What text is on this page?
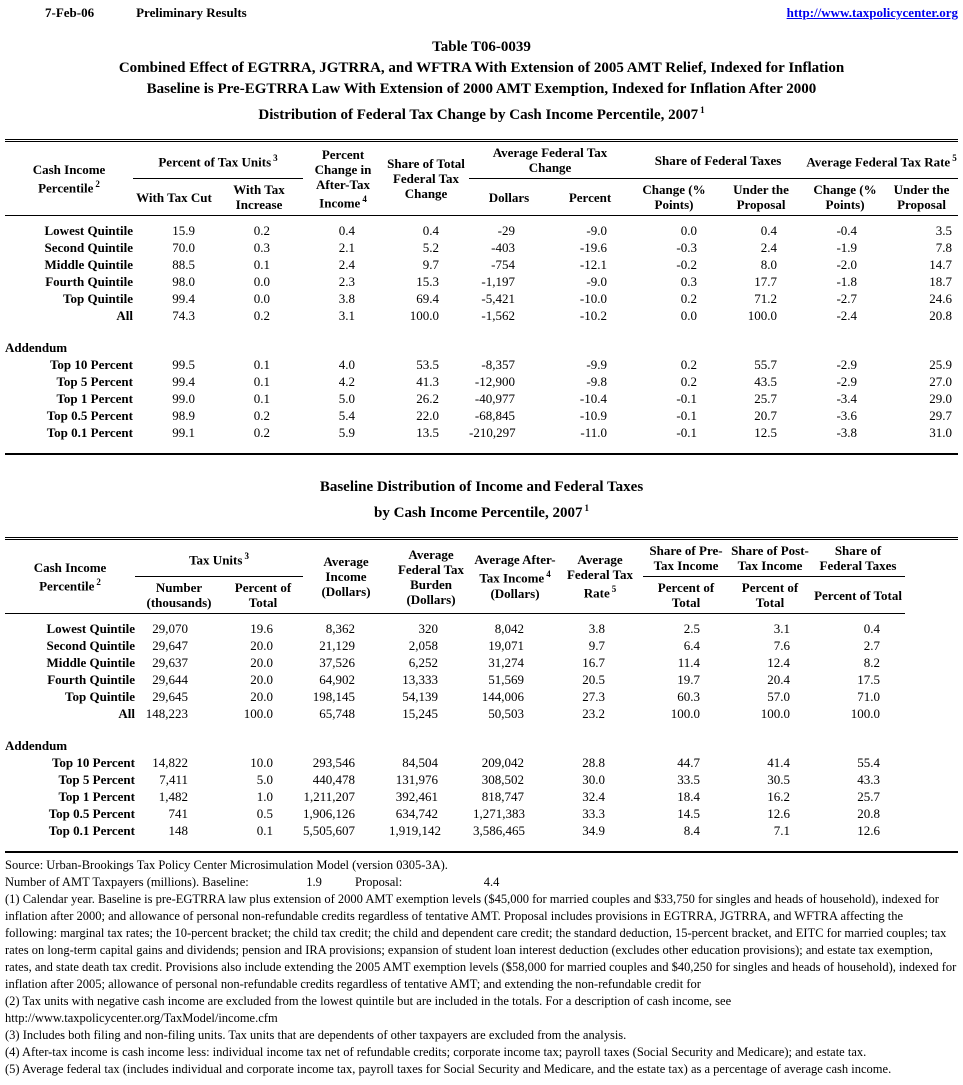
7-Feb-06	Preliminary Results	http://www.taxpolicycenter.org
Table T06-0039
Combined Effect of EGTRRA, JGTRRA, and WFTRA With Extension of 2005 AMT Relief, Indexed for Inflation
Baseline is Pre-EGTRRA Law With Extension of 2000 AMT Exemption, Indexed for Inflation After 2000
Distribution of Federal Tax Change by Cash Income Percentile, 2007 $^1$
Cash Income Percentile $^2$	Percent of Tax Units $^3$		Percent Change in After-Tax Income $^4$	Share of Total Federal Tax Change	Average Federal Tax Change		Share of Federal Taxes		Average Federal Tax Rate $^5$
	With Tax Cut	With Tax Increase			Dollars	Percent	Change (% Points)	Under the Proposal	Change (% Points)	Under the Proposal

Lowest Quintile	15.9	0.2	0.4	0.4	-29	-9.0	0.0	0.4	-0.4	3.5
Second Quintile	70.0	0.3	2.1	5.2	-403	-19.6	-0.3	2.4	-1.9	7.8
Middle Quintile	88.5	0.1	2.4	9.7	-754	-12.1	-0.2	8.0	-2.0	14.7
Fourth Quintile	98.0	0.0	2.3	15.3	-1,197	-9.0	0.3	17.7	-1.8	18.7
Top Quintile	99.4	0.0	3.8	69.4	-5,421	-10.0	0.2	71.2	-2.7	24.6
All	74.3	0.2	3.1	100.0	-1,562	-10.2	0.0	100.0	-2.4	20.8

Addendum										
Top 10 Percent	99.5	0.1	4.0	53.5	-8,357	-9.9	0.2	55.7	-2.9	25.9
Top 5 Percent	99.4	0.1	4.2	41.3	-12,900	-9.8	0.2	43.5	-2.9	27.0
Top 1 Percent	99.0	0.1	5.0	26.2	-40,977	-10.4	-0.1	25.7	-3.4	29.0
Top 0.5 Percent	98.9	0.2	5.4	22.0	-68,845	-10.9	-0.1	20.7	-3.6	29.7
Top 0.1 Percent	99.1	0.2	5.9	13.5	-210,297	-11.0	-0.1	12.5	-3.8	31.0

Baseline Distribution of Income and Federal Taxes
by Cash Income Percentile, 2007 $^1$
Cash Income Percentile $^2$	Tax Units $^3$		Average Income (Dollars)	Average Federal Tax Burden (Dollars)	Average After-Tax Income $^4$ (Dollars)	Average Federal Tax Rate $^5$	Share of Pre-Tax Income	Share of Post-Tax Income	Share of Federal Taxes	
	Number (thousands)	Percent of Total					Percent of Total	Percent of Total	Percent of Total	

Lowest Quintile	29,070	19.6	8,362	320	8,042	3.8	2.5	3.1	0.4	
Second Quintile	29,647	20.0	21,129	2,058	19,071	9.7	6.4	7.6	2.7	
Middle Quintile	29,637	20.0	37,526	6,252	31,274	16.7	11.4	12.4	8.2	
Fourth Quintile	29,644	20.0	64,902	13,333	51,569	20.5	19.7	20.4	17.5	
Top Quintile	29,645	20.0	198,145	54,139	144,006	27.3	60.3	57.0	71.0	
All	148,223	100.0	65,748	15,245	50,503	23.2	100.0	100.0	100.0	

Addendum										
Top 10 Percent	14,822	10.0	293,546	84,504	209,042	28.8	44.7	41.4	55.4	
Top 5 Percent	7,411	5.0	440,478	131,976	308,502	30.0	33.5	30.5	43.3	
Top 1 Percent	1,482	1.0	1,211,207	392,461	818,747	32.4	18.4	16.2	25.7	
Top 0.5 Percent	741	0.5	1,906,126	634,742	1,271,383	33.3	14.5	12.6	20.8	
Top 0.1 Percent	148	0.1	5,505,607	1,919,142	3,586,465	34.9	8.4	7.1	12.6	

Source: Urban-Brookings Tax Policy Center Microsimulation Model (version 0305-3A).
Number of AMT Taxpayers (millions). Baseline:	1.9	Proposal:	4.4
(1) Calendar year. Baseline is pre-EGTRRA law plus extension of 2000 AMT exemption levels ($45,000 for married couples and $33,750 for singles and heads of household), indexed for inflation after 2000; and allowance of personal non-refundable credits regardless of tentative AMT. Proposal includes provisions in EGTRRA, JGTRRA, and WFTRA affecting the following: marginal tax rates; the 10-percent bracket; the child tax credit; the child and dependent care credit; the standard deduction, 15-percent bracket, and EITC for married couples; tax rates on long-term capital gains and dividends; pension and IRA provisions; expansion of student loan interest deduction (excludes other education provisions); and estate tax exemption, rates, and state death tax credit. Provisions also include extending the 2005 AMT exemption levels ($58,000 for married couples and $40,250 for singles and heads of household), indexed for inflation after 2005; allowance of personal non-refundable credits regardless of tentative AMT; and extending the non-refundable credit for
(2) Tax units with negative cash income are excluded from the lowest quintile but are included in the totals. For a description of cash income, see
http://www.taxpolicycenter.org/TaxModel/income.cfm
(3) Includes both filing and non-filing units. Tax units that are dependents of other taxpayers are excluded from the analysis.
(4) After-tax income is cash income less: individual income tax net of refundable credits; corporate income tax; payroll taxes (Social Security and Medicare); and estate tax.
(5) Average federal tax (includes individual and corporate income tax, payroll taxes for Social Security and Medicare, and the estate tax) as a percentage of average cash income.
